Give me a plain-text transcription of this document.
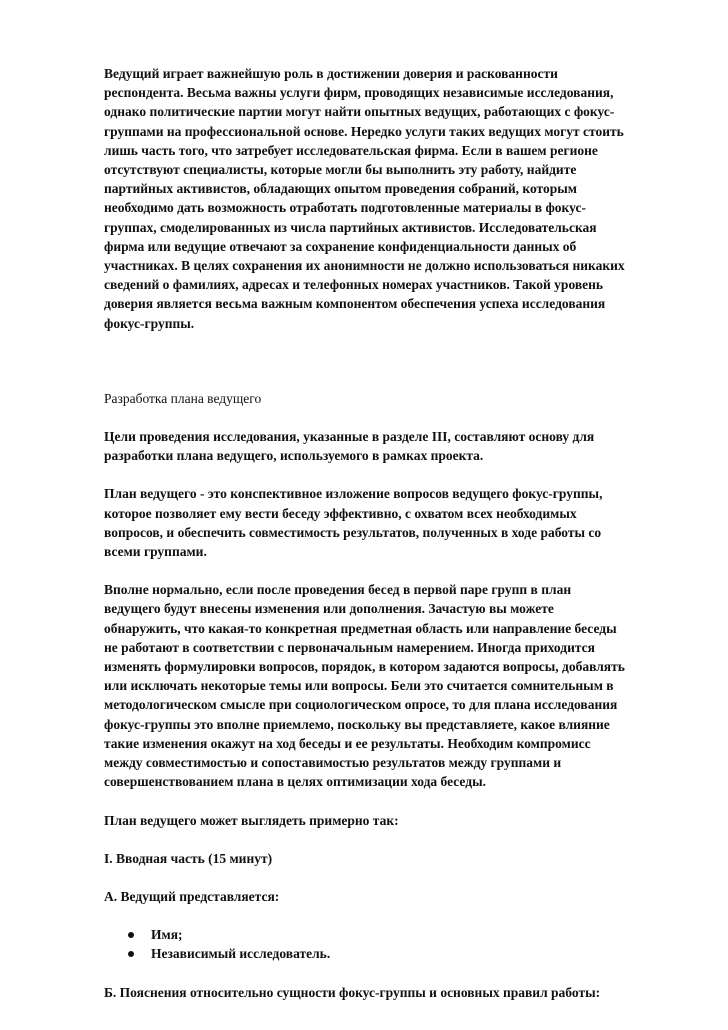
Ведущий играет важнейшую роль в достижении доверия и раскованности
респондента. Весьма важны услуги фирм, проводящих независимые исследования,
однако политические партии могут найти опытных ведущих, работающих с фокус-
группами на профессиональной основе. Нередко услуги таких ведущих могут стоить
лишь часть того, что затребует исследовательская фирма. Если в вашем регионе
отсутствуют специалисты, которые могли бы выполнить эту работу, найдите
партийных активистов, обладающих опытом проведения собраний, которым
необходимо дать возможность отработать подготовленные материалы в фокус-
группах, смоделированных из числа партийных активистов. Исследовательская
фирма или ведущие отвечают за сохранение конфиденциальности данных об
участниках. В целях сохранения их анонимности не должно использоваться никаких
сведений о фамилиях, адресах и телефонных номерах участников. Такой уровень
доверия является весьма важным компонентом обеспечения успеха исследования
фокус-группы.

Разработка плана ведущего

Цели проведения исследования, указанные в разделе III, составляют основу для
разработки плана ведущего, используемого в рамках проекта.

План ведущего - это конспективное изложение вопросов ведущего фокус-группы,
которое позволяет ему вести беседу эффективно, с охватом всех необходимых
вопросов, и обеспечить совместимость результатов, полученных в ходе работы со
всеми группами.

Вполне нормально, если после проведения бесед в первой паре групп в план
ведущего будут внесены изменения или дополнения. Зачастую вы можете
обнаружить, что какая-то конкретная предметная область или направление беседы
не работают в соответствии с первоначальным намерением. Иногда приходится
изменять формулировки вопросов, порядок, в котором задаются вопросы, добавлять
или исключать некоторые темы или вопросы. Бели это считается сомнительным в
методологическом смысле при социологическом опросе, то для плана исследования
фокус-группы это вполне приемлемо, поскольку вы представляете, какое влияние
такие изменения окажут на ход беседы и ее результаты. Необходим компромисс
между совместимостью и сопоставимостью результатов между группами и
совершенствованием плана в целях оптимизации хода беседы.

План ведущего может выглядеть примерно так:

I. Вводная часть (15 минут)

А. Ведущий представляется:

Имя;
Независимый исследователь.

Б. Пояснения относительно сущности фокус-группы и основных правил работы:
